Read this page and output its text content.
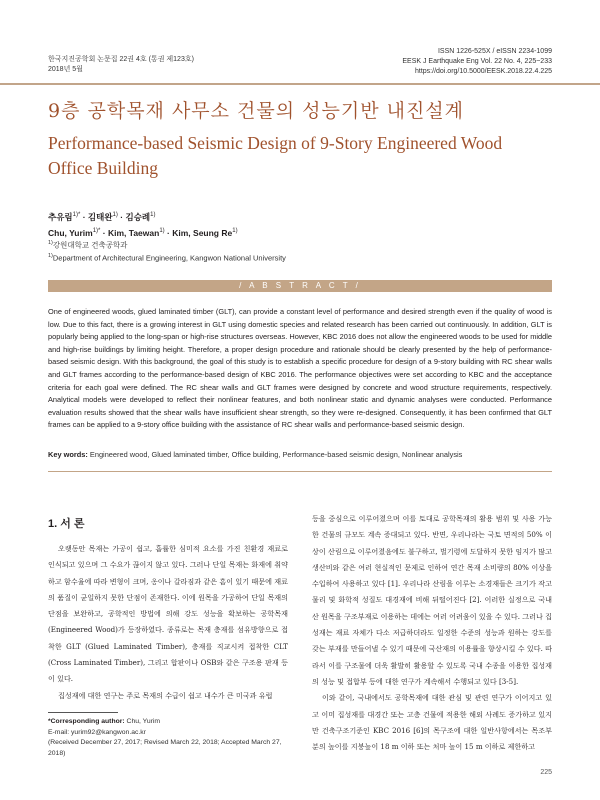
한국지진공학회 논문집 22권 4호 (통권 제123호)
2018년 5월
ISSN 1226-525X / eISSN 2234-1099
EESK J Earthquake Eng Vol. 22 No. 4, 225~233
https://doi.org/10.5000/EESK.2018.22.4.225
9층 공학목재 사무소 건물의 성능기반 내진설계
Performance-based Seismic Design of 9-Story Engineered Wood Office Building
추유림$^{1)*}$ · 김태완$^{1)}$ · 김승례$^{1)}$
Chu, Yurim$^{1)*}$ · Kim, Taewan$^{1)}$ · Kim, Seung Re$^{1)}$
$^{1)}$강원대학교 건축공학과
$^{1)}$Department of Architectural Engineering, Kangwon National University
/ A B S T R A C T /
One of engineered woods, glued laminated timber (GLT), can provide a constant level of performance and desired strength even if the quality of wood is low. Due to this fact, there is a growing interest in GLT using domestic species and related research has been carried out continuously. In addition, GLT is popularly being applied to the long-span or high-rise structures overseas. However, KBC 2016 does not allow the engineered woods to be used for middle and high-rise buildings by limiting height. Therefore, a proper design procedure and rationale should be clearly presented by the help of performance-based seismic design. With this background, the goal of this study is to establish a specific procedure for design of a 9-story building with RC shear walls and GLT frames according to the performance-based design of KBC 2016. The performance objectives were set according to KBC and the acceptance criteria for each goal were defined. The RC shear walls and GLT frames were designed by concrete and wood structure requirements, respectively. Analytical models were developed to reflect their nonlinear features, and both nonlinear static and dynamic analyses were conducted. Performance evaluation results showed that the shear walls have insufficient shear strength, so they were re-designed. Consequently, it has been confirmed that GLT frames can be applied to a 9-story office building with the assistance of RC shear walls and performance-based seismic design.
Key words: Engineered wood, Glued laminated timber, Office building, Performance-based seismic design, Nonlinear analysis
1. 서 론

오랫동안 목재는 가공이 쉽고, 흡률한 심미적 요소를 가진 친환경 재료로 인식되고 있으며 그 수요가 끊이지 않고 있다. 그러나 단일 목재는 화재에 취약하고 함수율에 따라 변형이 크며, 옹이나 갈라짐과 같은 흠이 있기 때문에 재료의 품질이 균일하지 못한 단점이 존재한다. 이에 원목을 가공하여 단일 목재의 단점을 보완하고, 공학적인 방법에 의해 강도 성능을 확보하는 공학목재 (Engineered Wood)가 등장하였다. 종류로는 목재 층재를 섬유방향으로 접착한 GLT (Glued Laminated Timber), 층재를 직교시켜 접착한 CLT (Cross Laminated Timber), 그리고 합판이나 OSB와 같은 구조용 판재 등이 있다.

집성재에 대한 연구는 주로 목재의 수급이 쉽고 내수가 큰 미국과 유럽

등을 중심으로 이루어졌으며 이를 토대로 공학목재의 활용 범위 및 사용 가능한 건물의 규모도 계속 증대되고 있다. 반면, 우리나라는 국토 면적의 50% 이상이 산림으로 이루어졌음에도 불구하고, 벌기령에 도달하지 못한 임지가 많고 생산비와 같은 여러 현실적인 문제로 인하여 연간 목재 소비량의 80% 이상을 수입하여 사용하고 있다 [1]. 우리나라 산림을 이루는 소경재들은 크기가 작고 물리 및 화학적 성질도 대경재에 비해 뒤떨어진다 [2]. 이러한 실정으로 국내산 원목을 구조부재로 이용하는 데에는 여러 어려움이 있을 수 있다. 그러나 집성재는 재료 자체가 다소 저급하더라도 일정한 수준의 성능과 원하는 강도를 갖는 부재를 만들어낼 수 있기 때문에 국산재의 이용률을 향상시킬 수 있다. 따라서 이를 구조물에 더욱 활발히 활용할 수 있도록 국내 수종을 이용한 집성재의 성능 및 접합부 등에 대한 연구가 계속해서 수행되고 있다 [3-5].

이와 같이, 국내에서도 공학목재에 대한 관심 및 관련 연구가 이어지고 있고 이미 집성재를 대경간 또는 고층 건물에 적용한 해외 사례도 증가하고 있지만 건축구조기준인 KBC 2016 [6]의 목구조에 대한 일반사항에서는 목조부분의 높이를 지붕높이 18 m 이하 또는 처마 높이 15 m 이하로 제한하고

*Corresponding author: Chu, Yurim
E-mail: yurim92@kangwon.ac.kr
(Received December 27, 2017; Revised March 22, 2018; Accepted March 27, 2018)
225
